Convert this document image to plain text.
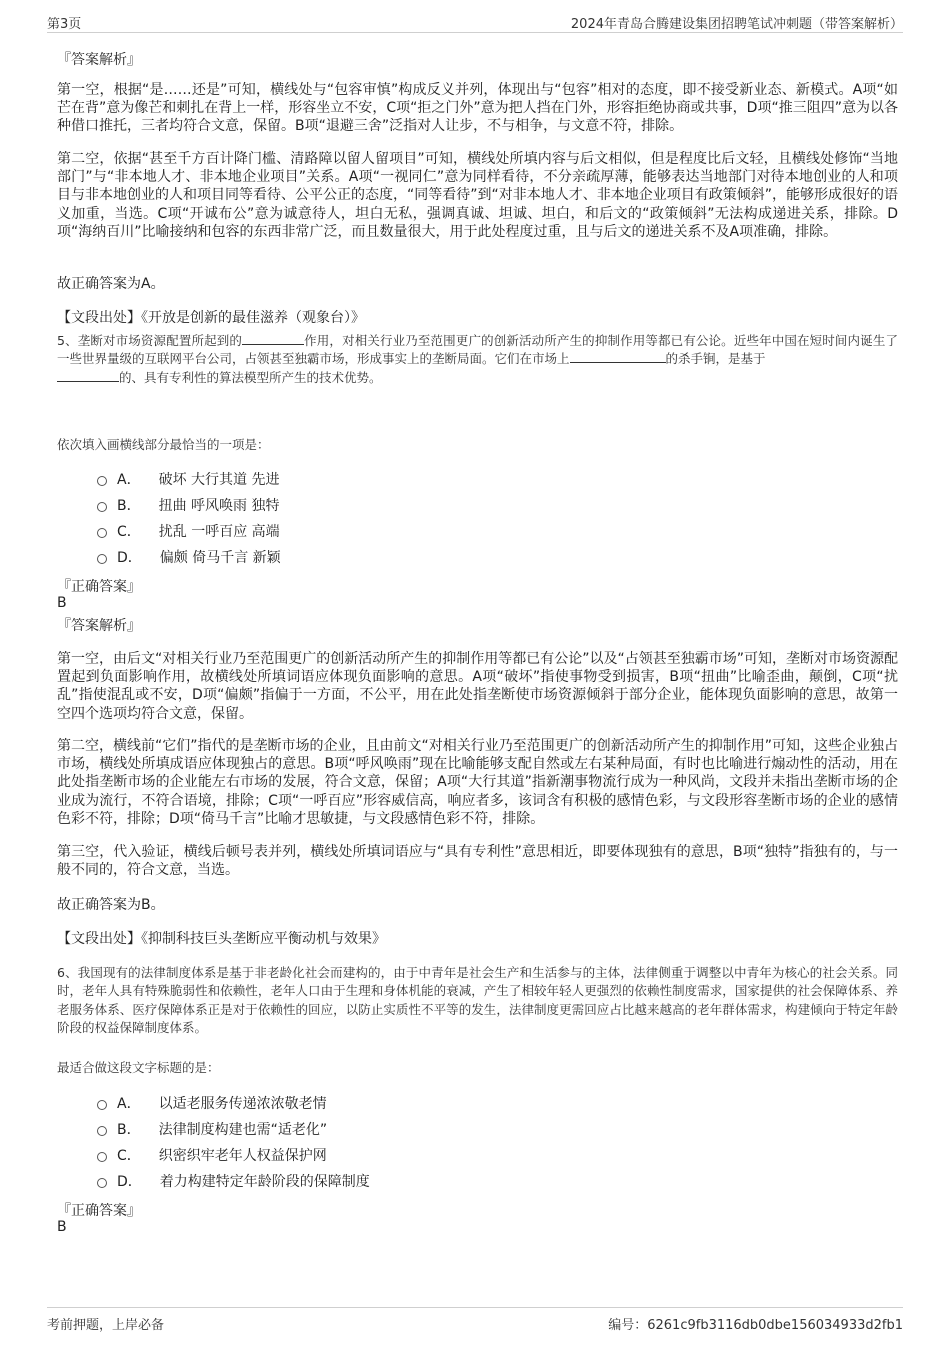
第3页	2024年青岛合腾建设集团招聘笔试冲刺题（带答案解析）
『答案解析』
第一空，根据“是……还是”可知，横线处与“包容审慎”构成反义并列，体现出与“包容”相对的态度，即不接受新业态、新模式。A项“如芒在背”意为像芒和刺扎在背上一样，形容坐立不安，C项“拒之门外”意为把人挡在门外，形容拒绝协商或共事，D项“推三阻四”意为以各种借口推托，三者均符合文意，保留。B项“退避三舍”泛指对人让步，不与相争，与文意不符，排除。
第二空，依据“甚至千方百计降门槛、清路障以留人留项目”可知，横线处所填内容与后文相似，但是程度比后文轻，且横线处修饰“当地部门”与“非本地人才、非本地企业项目”关系。A项“一视同仁”意为同样看待，不分亲疏厚薄，能够表达当地部门对待本地创业的人和项目与非本地创业的人和项目同等看待、公平公正的态度，“同等看待”到“对非本地人才、非本地企业项目有政策倾斜”，能够形成很好的语义加重，当选。C项“开诚布公”意为诚意待人，坦白无私，强调真诚、坦诚、坦白，和后文的“政策倾斜”无法构成递进关系，排除。D项“海纳百川”比喻接纳和包容的东西非常广泛，而且数量很大，用于此处程度过重，且与后文的递进关系不及A项准确，排除。
故正确答案为A。
【文段出处】《开放是创新的最佳滋养（观象台）》
5、垄断对市场资源配置所起到的	作用，对相关行业乃至范围更广的创新活动所产生的抑制作用等都已有公论。近些年中国在短时间内诞生了一些世界量级的互联网平台公司，占领甚至独霸市场，形成事实上的垄断局面。它们在市场上	的杀手锏，是基于
的、具有专利性的算法模型所产生的技术优势。
依次填入画横线部分最恰当的一项是：
A． 破坏 大行其道 先进
B． 扭曲 呼风唤雨 独特
C． 扰乱 一呼百应 高端
D． 偏颇 倚马千言 新颖
『正确答案』
B
『答案解析』
第一空，由后文“对相关行业乃至范围更广的创新活动所产生的抑制作用等都已有公论”以及“占领甚至独霸市场”可知，垄断对市场资源配置起到负面影响作用，故横线处所填词语应体现负面影响的意思。A项“破坏”指使事物受到损害，B项“扭曲”比喻歪曲，颠倒，C项“扰乱”指使混乱或不安，D项“偏颇”指偏于一方面，不公平，用在此处指垄断使市场资源倾斜于部分企业，能体现负面影响的意思，故第一空四个选项均符合文意，保留。
第二空，横线前“它们”指代的是垄断市场的企业，且由前文“对相关行业乃至范围更广的创新活动所产生的抑制作用”可知，这些企业独占市场，横线处所填成语应体现独占的意思。B项“呼风唤雨”现在比喻能够支配自然或左右某种局面，有时也比喻进行煽动性的活动，用在此处指垄断市场的企业能左右市场的发展，符合文意，保留；A项“大行其道”指新潮事物流行成为一种风尚，文段并未指出垄断市场的企业成为流行，不符合语境，排除；C项“一呼百应”形容威信高，响应者多，该词含有积极的感情色彩，与文段形容垄断市场的企业的感情色彩不符，排除；D项“倚马千言”比喻才思敏捷，与文段感情色彩不符，排除。
第三空，代入验证，横线后顿号表并列，横线处所填词语应与“具有专利性”意思相近，即要体现独有的意思，B项“独特”指独有的，与一般不同的，符合文意，当选。
故正确答案为B。
【文段出处】《抑制科技巨头垄断应平衡动机与效果》
6、我国现有的法律制度体系是基于非老龄化社会而建构的，由于中青年是社会生产和生活参与的主体，法律侧重于调整以中青年为核心的社会关系。同时，老年人具有特殊脆弱性和依赖性，老年人口由于生理和身体机能的衰减，产生了相较年轻人更强烈的依赖性制度需求，国家提供的社会保障体系、养老服务体系、医疗保障体系正是对于依赖性的回应，以防止实质性不平等的发生，法律制度更需回应占比越来越高的老年群体需求，构建倾向于特定年龄阶段的权益保障制度体系。
最适合做这段文字标题的是：
A． 以适老服务传递浓浓敬老情
B． 法律制度构建也需“适老化”
C． 织密织牢老年人权益保护网
D． 着力构建特定年龄阶段的保障制度
『正确答案』
B
考前押题，上岸必备	编号：6261c9fb3116db0dbe156034933d2fb1
